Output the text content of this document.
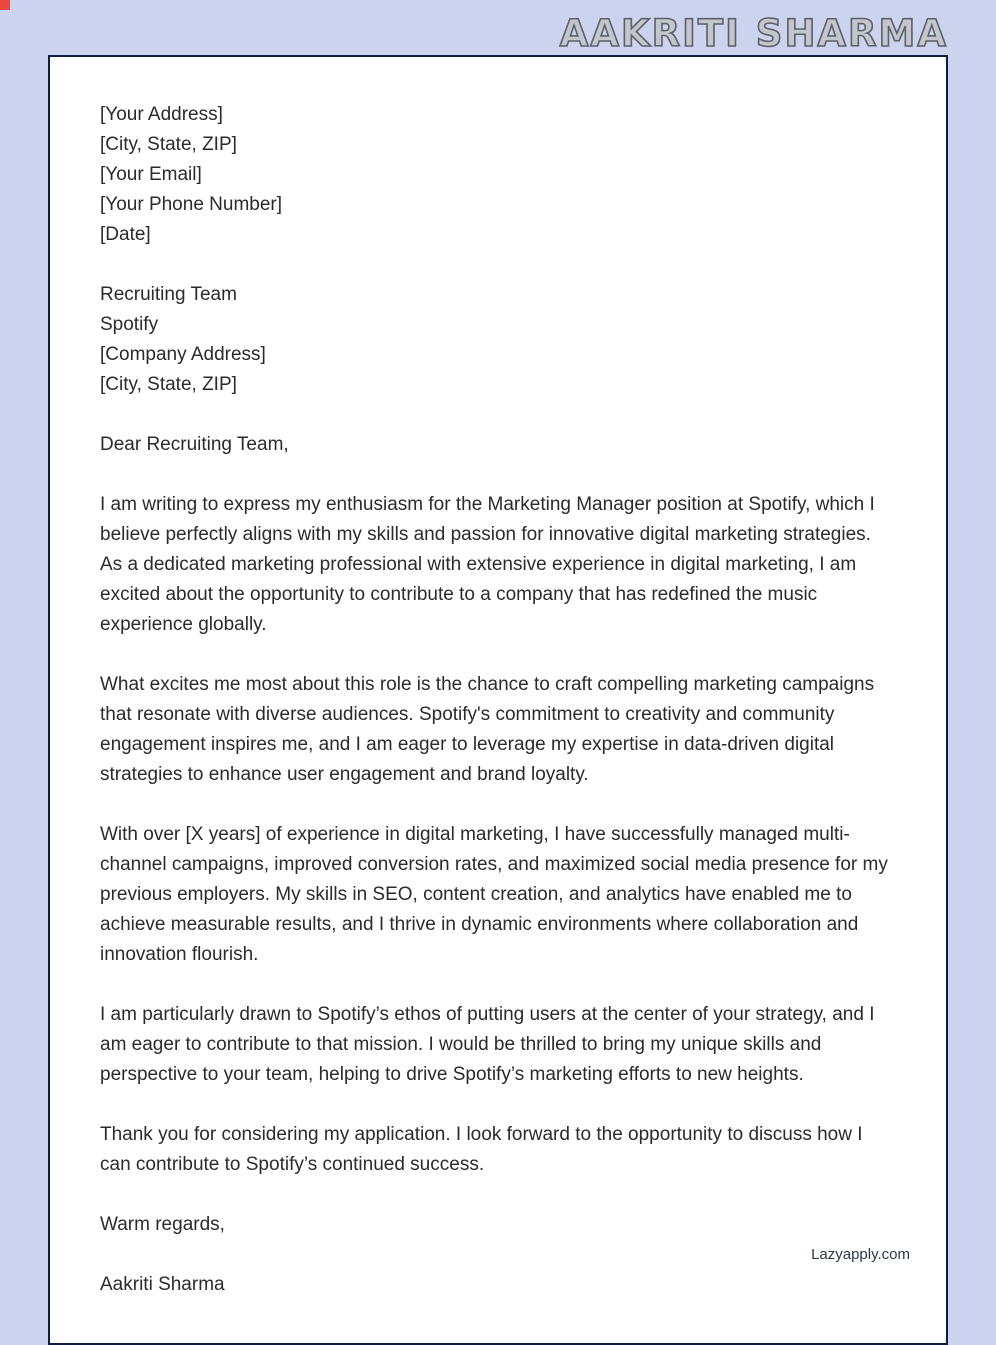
AAKRITI SHARMA
[Your Address]
[City, State, ZIP]
[Your Email]
[Your Phone Number]
[Date]
Recruiting Team
Spotify
[Company Address]
[City, State, ZIP]
Dear Recruiting Team,
I am writing to express my enthusiasm for the Marketing Manager position at Spotify, which I believe perfectly aligns with my skills and passion for innovative digital marketing strategies. As a dedicated marketing professional with extensive experience in digital marketing, I am excited about the opportunity to contribute to a company that has redefined the music experience globally.
What excites me most about this role is the chance to craft compelling marketing campaigns that resonate with diverse audiences. Spotify's commitment to creativity and community engagement inspires me, and I am eager to leverage my expertise in data-driven digital strategies to enhance user engagement and brand loyalty.
With over [X years] of experience in digital marketing, I have successfully managed multi-channel campaigns, improved conversion rates, and maximized social media presence for my previous employers. My skills in SEO, content creation, and analytics have enabled me to achieve measurable results, and I thrive in dynamic environments where collaboration and innovation flourish.
I am particularly drawn to Spotify’s ethos of putting users at the center of your strategy, and I am eager to contribute to that mission. I would be thrilled to bring my unique skills and perspective to your team, helping to drive Spotify’s marketing efforts to new heights.
Thank you for considering my application. I look forward to the opportunity to discuss how I can contribute to Spotify’s continued success.
Warm regards,
Aakriti Sharma
Lazyapply.com
